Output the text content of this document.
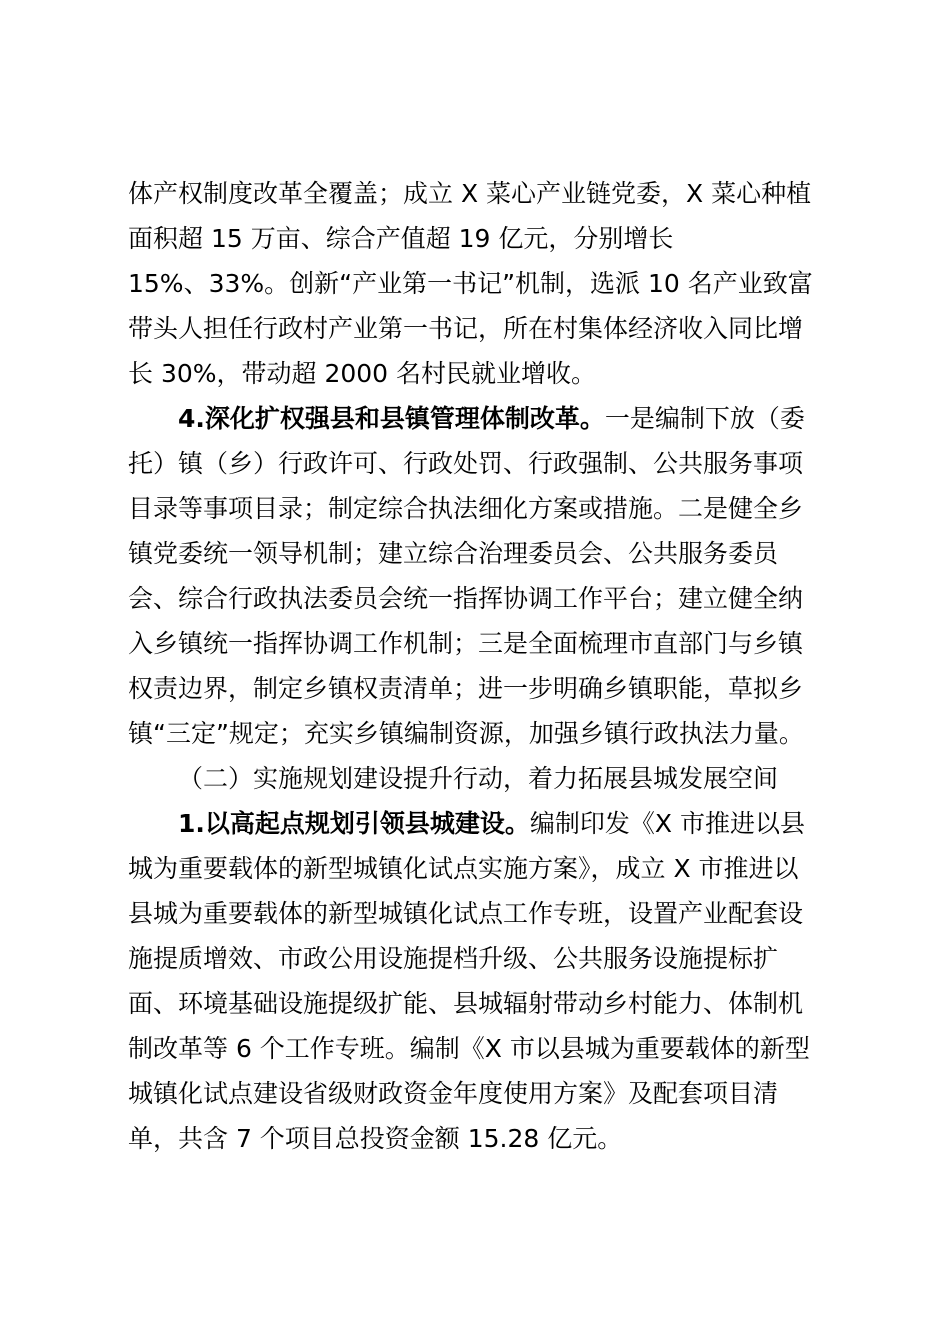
体产权制度改革全覆盖；成立 X 菜心产业链党委，X 菜心种植
面积超 15 万亩、综合产值超 19 亿元，分别增长
15%、33%。创新“产业第一书记”机制，选派 10 名产业致富
带头人担任行政村产业第一书记，所在村集体经济收入同比增
长 30%，带动超 2000 名村民就业增收。
4.深化扩权强县和县镇管理体制改革。一是编制下放（委
托）镇（乡）行政许可、行政处罚、行政强制、公共服务事项
目录等事项目录；制定综合执法细化方案或措施。二是健全乡
镇党委统一领导机制；建立综合治理委员会、公共服务委员
会、综合行政执法委员会统一指挥协调工作平台；建立健全纳
入乡镇统一指挥协调工作机制；三是全面梳理市直部门与乡镇
权责边界，制定乡镇权责清单；进一步明确乡镇职能，草拟乡
镇“三定”规定；充实乡镇编制资源，加强乡镇行政执法力量。
（二）实施规划建设提升行动，着力拓展县城发展空间
1.以高起点规划引领县城建设。编制印发《X 市推进以县
城为重要载体的新型城镇化试点实施方案》，成立 X 市推进以
县城为重要载体的新型城镇化试点工作专班，设置产业配套设
施提质增效、市政公用设施提档升级、公共服务设施提标扩
面、环境基础设施提级扩能、县城辐射带动乡村能力、体制机
制改革等 6 个工作专班。编制《X 市以县城为重要载体的新型
城镇化试点建设省级财政资金年度使用方案》及配套项目清
单，共含 7 个项目总投资金额 15.28 亿元。
